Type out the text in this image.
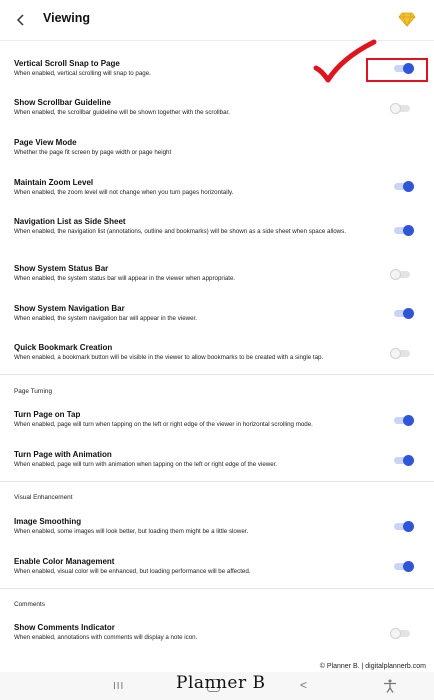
Viewing
Vertical Scroll Snap to Page
When enabled, vertical scrolling will snap to page.
Show Scrollbar Guideline
When enabled, the scrollbar guideline will be shown together with the scrollbar.
Page View Mode
Whether the page fit screen by page width or page height
Maintain Zoom Level
When enabled, the zoom level will not change when you turn pages horizontally.
Navigation List as Side Sheet
When enabled, the navigation list (annotations, outline and bookmarks) will be shown as a side sheet when space allows.
Show System Status Bar
When enabled, the system status bar will appear in the viewer when appropriate.
Show System Navigation Bar
When enabled, the system navigation bar will appear in the viewer.
Quick Bookmark Creation
When enabled, a bookmark button will be visible in the viewer to allow bookmarks to be created with a single tap.
Page Turning
Turn Page on Tap
When enabled, page will turn when tapping on the left or right edge of the viewer in horizontal scrolling mode.
Turn Page with Animation
When enabled, page will turn with animation when tapping on the left or right edge of the viewer.
Visual Enhancement
Image Smoothing
When enabled, some images will look better, but loading them might be a little slower.
Enable Color Management
When enabled, visual color will be enhanced, but loading performance will be affected.
Comments
Show Comments Indicator
When enabled, annotations with comments will display a note icon.
© Planner B. | digitalplannerb.com
III	<
Planner B
